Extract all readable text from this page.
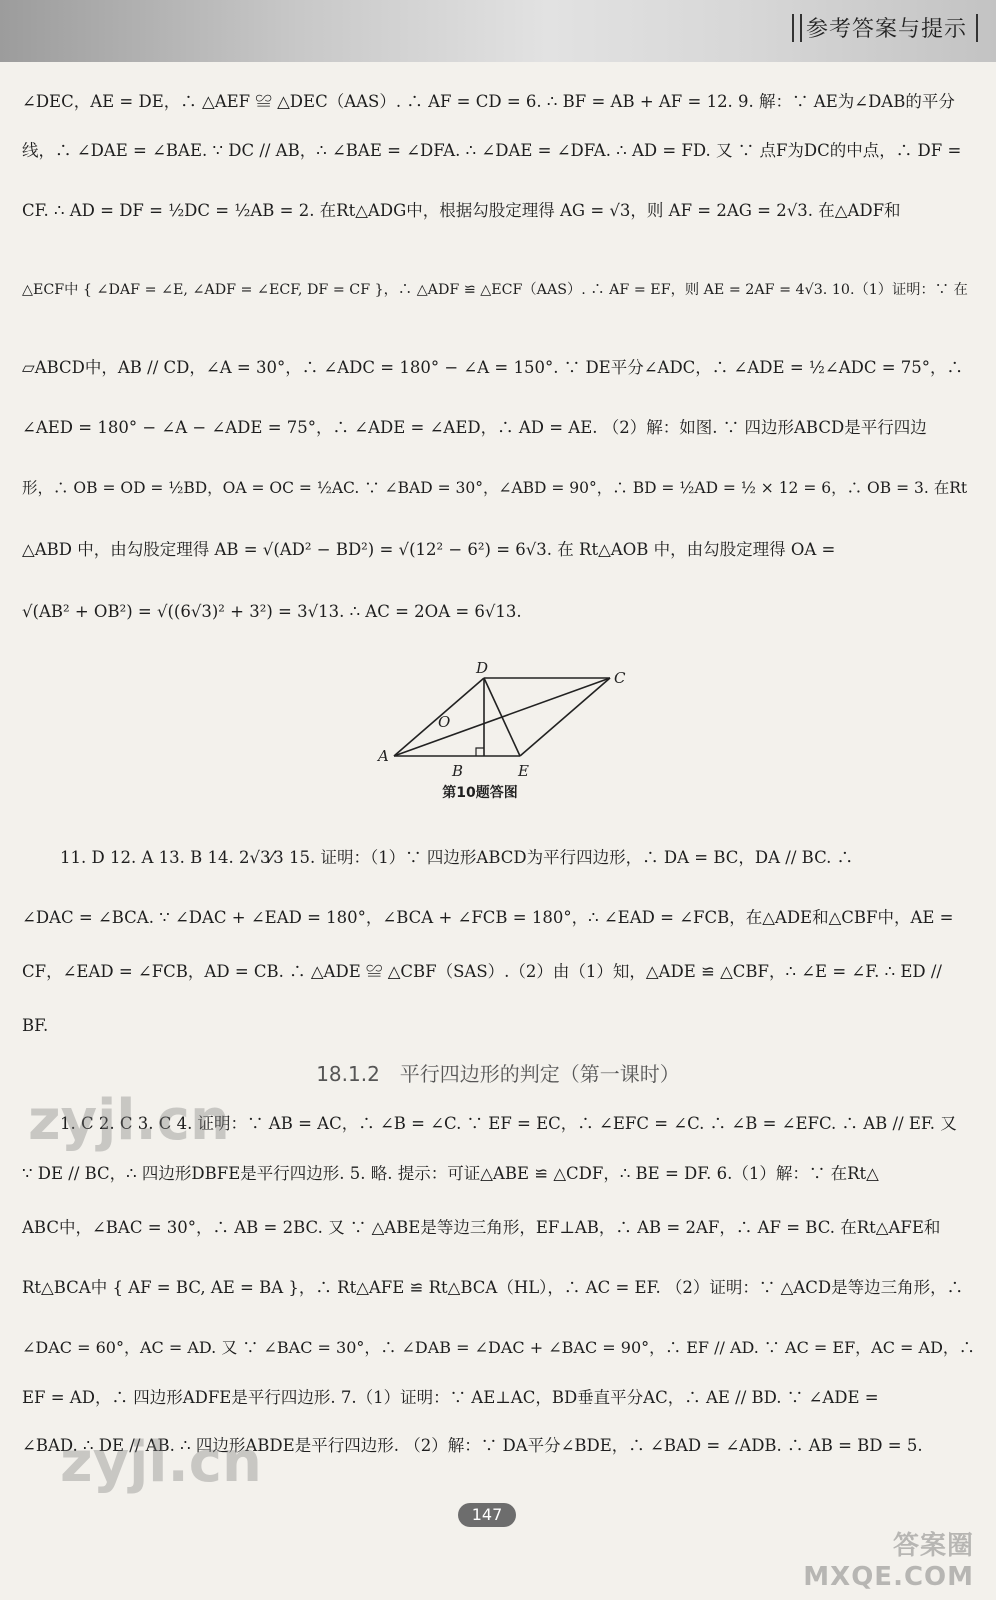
参考答案与提示
∠DEC，AE = DE，∴ △AEF ≌ △DEC（AAS）. ∴ AF = CD = 6. ∴ BF = AB + AF = 12. 9. 解：∵ AE为∠DAB的平分
线，∴ ∠DAE = ∠BAE. ∵ DC // AB，∴ ∠BAE = ∠DFA. ∴ ∠DAE = ∠DFA. ∴ AD = FD. 又 ∵ 点F为DC的中点，∴ DF =
CF. ∴ AD = DF = ½DC = ½AB = 2. 在Rt△ADG中，根据勾股定理得 AG = √3，则 AF = 2AG = 2√3. 在△ADF和
△ECF中 { ∠DAF = ∠E, ∠ADF = ∠ECF, DF = CF }，∴ △ADF ≌ △ECF（AAS）. ∴ AF = EF，则 AE = 2AF = 4√3. 10.（1）证明：∵ 在
▱ABCD中，AB // CD，∠A = 30°，∴ ∠ADC = 180° − ∠A = 150°. ∵ DE平分∠ADC，∴ ∠ADE = ½∠ADC = 75°，∴
∠AED = 180° − ∠A − ∠ADE = 75°，∴ ∠ADE = ∠AED，∴ AD = AE. （2）解：如图. ∵ 四边形ABCD是平行四边
形，∴ OB = OD = ½BD，OA = OC = ½AC. ∵ ∠BAD = 30°，∠ABD = 90°，∴ BD = ½AD = ½ × 12 = 6，∴ OB = 3. 在Rt
△ABD 中，由勾股定理得 AB = √(AD² − BD²) = √(12² − 6²) = 6√3. 在 Rt△AOB 中，由勾股定理得 OA =
√(AB² + OB²) = √((6√3)² + 3²) = 3√13. ∴ AC = 2OA = 6√13.
A
B
C
D
E
O
第10题答图
11. D 12. A 13. B 14. 2√3⁄3 15. 证明：（1）∵ 四边形ABCD为平行四边形，∴ DA = BC，DA // BC. ∴
∠DAC = ∠BCA. ∵ ∠DAC + ∠EAD = 180°，∠BCA + ∠FCB = 180°，∴ ∠EAD = ∠FCB，在△ADE和△CBF中，AE =
CF，∠EAD = ∠FCB，AD = CB. ∴ △ADE ≌ △CBF（SAS）.（2）由（1）知，△ADE ≌ △CBF，∴ ∠E = ∠F. ∴ ED //
BF.
18.1.2　平行四边形的判定（第一课时）
1. C 2. C 3. C 4. 证明：∵ AB = AC，∴ ∠B = ∠C. ∵ EF = EC，∴ ∠EFC = ∠C. ∴ ∠B = ∠EFC. ∴ AB // EF. 又
∵ DE // BC，∴ 四边形DBFE是平行四边形. 5. 略. 提示：可证△ABE ≌ △CDF，∴ BE = DF. 6.（1）解：∵ 在Rt△
ABC中，∠BAC = 30°，∴ AB = 2BC. 又 ∵ △ABE是等边三角形，EF⊥AB，∴ AB = 2AF，∴ AF = BC. 在Rt△AFE和
Rt△BCA中 { AF = BC, AE = BA }，∴ Rt△AFE ≌ Rt△BCA（HL），∴ AC = EF. （2）证明：∵ △ACD是等边三角形，∴
∠DAC = 60°，AC = AD. 又 ∵ ∠BAC = 30°，∴ ∠DAB = ∠DAC + ∠BAC = 90°，∴ EF // AD. ∵ AC = EF，AC = AD，∴
EF = AD，∴ 四边形ADFE是平行四边形. 7.（1）证明：∵ AE⊥AC，BD垂直平分AC，∴ AE // BD. ∵ ∠ADE =
∠BAD. ∴ DE // AB. ∴ 四边形ABDE是平行四边形. （2）解：∵ DA平分∠BDE，∴ ∠BAD = ∠ADB. ∴ AB = BD = 5.
zyjl.cn
zyjl.cn
答案圈
MXQE.COM
147
